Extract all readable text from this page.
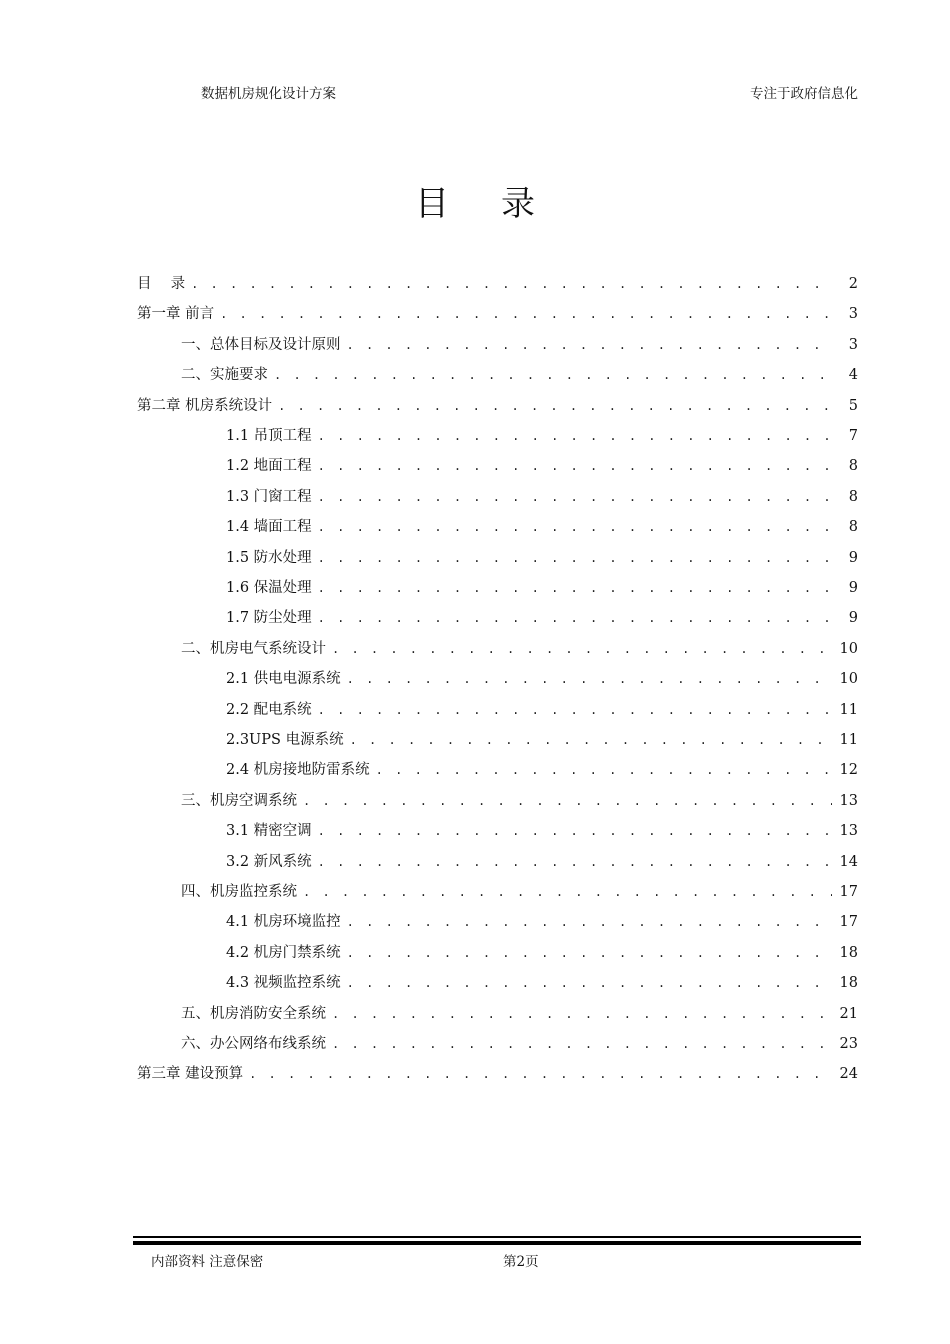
数据机房规化设计方案	专注于政府信息化
目 录
目　 录 . . .	2
第一章 前言 . . .	3
一、总体目标及设计原则 . . .	3
二、实施要求 . . .	4
第二章 机房系统设计 . . .	5
1.1 吊顶工程 . . .	7
1.2 地面工程 . . .	8
1.3 门窗工程 . . .	8
1.4 墙面工程 . . .	8
1.5 防水处理 . . .	9
1.6 保温处理 . . .	9
1.7 防尘处理 . . .	9
二、机房电气系统设计 . . .	10
2.1 供电电源系统 . . .	10
2.2 配电系统 . . .	11
2.3UPS 电源系统 . . .	11
2.4 机房接地防雷系统 . . .	12
三、机房空调系统 . . .	13
3.1 精密空调 . . .	13
3.2 新风系统 . . .	14
四、机房监控系统 . . .	17
4.1 机房环境监控 . . .	17
4.2 机房门禁系统 . . .	18
4.3 视频监控系统 . . .	18
五、机房消防安全系统 . . .	21
六、办公网络布线系统 . . .	23
第三章 建设预算 . . .	24
内部资料 注意保密	第2页
